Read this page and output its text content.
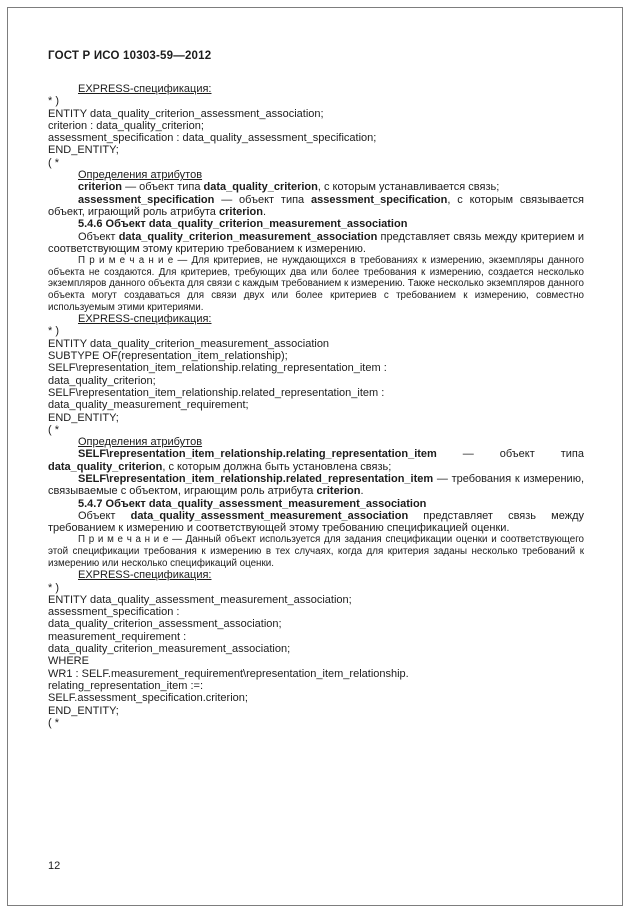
ГОСТ Р ИСО 10303-59—2012

EXPRESS-спецификация:

* )

ENTITY data_quality_criterion_assessment_association;

criterion : data_quality_criterion;

assessment_specification : data_quality_assessment_specification;

END_ENTITY;

( *

Определения атрибутов

criterion — объект типа data_quality_criterion, с которым устанавливается связь;

assessment_specification — объект типа assessment_specification, с которым связывается объект, играющий роль атрибута criterion.

5.4.6 Объект data_quality_criterion_measurement_association

Объект data_quality_criterion_measurement_association представляет связь между критерием и соответствующим этому критерию требованием к измерению.

П р и м е ч а н и е — Для критериев, не нуждающихся в требованиях к измерению, экземпляры данного объекта не создаются. Для критериев, требующих два или более требования к измерению, создается несколько экземпляров данного объекта для связи с каждым требованием к измерению. Также несколько экземпляров данного объекта могут создаваться для связи двух или более критериев с требованием к измерению, совместно используемым этими критериями.

EXPRESS-спецификация:

* )

ENTITY data_quality_criterion_measurement_association

SUBTYPE OF(representation_item_relationship);

SELF\representation_item_relationship.relating_representation_item :

data_quality_criterion;

SELF\representation_item_relationship.related_representation_item :

data_quality_measurement_requirement;

END_ENTITY;

( *

Определения атрибутов

SELF\representation_item_relationship.relating_representation_item — объект типа data_quality_criterion, с которым должна быть установлена связь;

SELF\representation_item_relationship.related_representation_item — требования к измерению, связываемые с объектом, играющим роль атрибута criterion.

5.4.7 Объект data_quality_assessment_measurement_association

Объект data_quality_assessment_measurement_association представляет связь между требованием к измерению и соответствующей этому требованию спецификацией оценки.

П р и м е ч а н и е — Данный объект используется для задания спецификации оценки и соответствующего этой спецификации требования к измерению в тех случаях, когда для критерия заданы несколько требований к измерению или несколько спецификаций оценки.

EXPRESS-спецификация:

* )

ENTITY data_quality_assessment_measurement_association;

assessment_specification :

data_quality_criterion_assessment_association;

measurement_requirement :

data_quality_criterion_measurement_association;

WHERE

WR1 : SELF.measurement_requirement\representation_item_relationship.

relating_representation_item :=:

SELF.assessment_specification.criterion;

END_ENTITY;

( *

12
